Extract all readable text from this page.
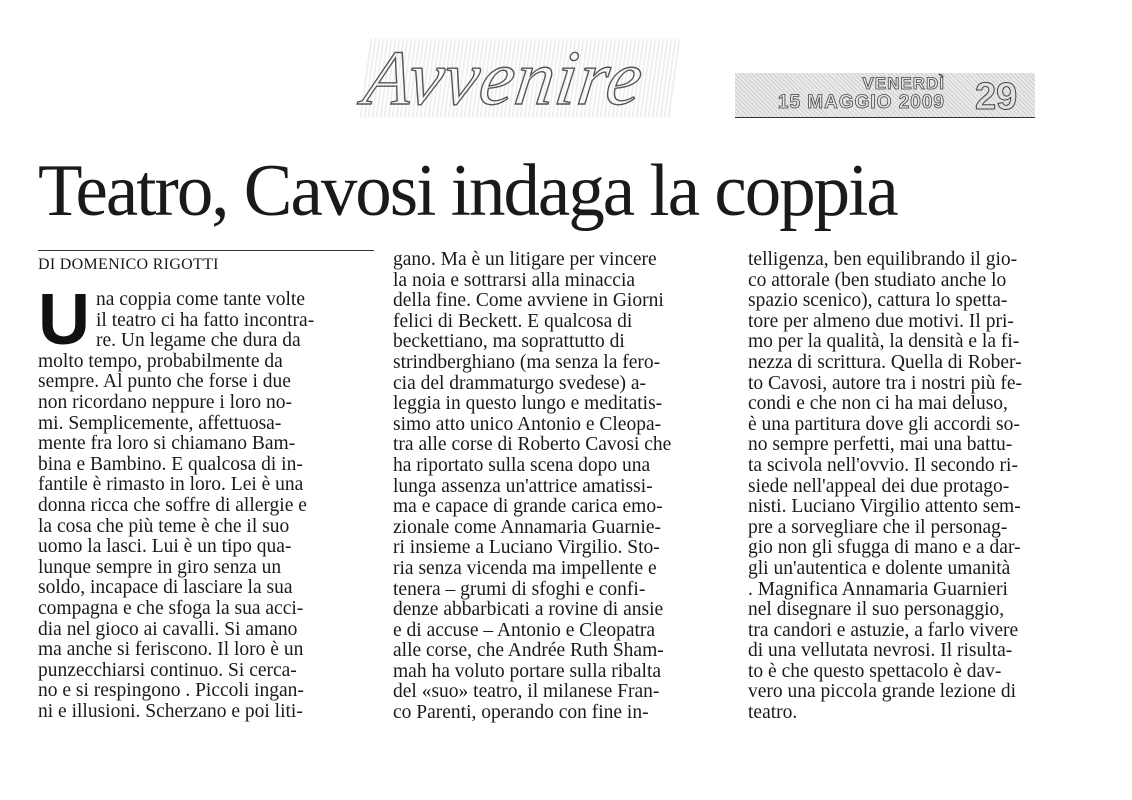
Avvenire	VENERDÌ
15 MAGGIO 2009 29
Teatro, Cavosi indaga la coppia
DI DOMENICO RIGOTTI
U na coppia come tante volte
il teatro ci ha fatto incontra-
re. Un legame che dura da
molto tempo, probabilmente da
sempre. Al punto che forse i due
non ricordano neppure i loro no-
mi. Semplicemente, affettuosa-
mente fra loro si chiamano Bam-
bina e Bambino. E qualcosa di in-
fantile è rimasto in loro. Lei è una
donna ricca che soffre di allergie e
la cosa che più teme è che il suo
uomo la lasci. Lui è un tipo qua-
lunque sempre in giro senza un
soldo, incapace di lasciare la sua
compagna e che sfoga la sua acci-
dia nel gioco ai cavalli. Si amano
ma anche si feriscono. Il loro è un
punzecchiarsi continuo. Si cerca-
no e si respingono . Piccoli ingan-
ni e illusioni. Scherzano e poi liti-
gano. Ma è un litigare per vincere
la noia e sottrarsi alla minaccia
della fine. Come avviene in Giorni
felici di Beckett. E qualcosa di
beckettiano, ma soprattutto di
strindberghiano (ma senza la fero-
cia del drammaturgo svedese) a-
leggia in questo lungo e meditatis-
simo atto unico Antonio e Cleopa-
tra alle corse di Roberto Cavosi che
ha riportato sulla scena dopo una
lunga assenza un'attrice amatissi-
ma e capace di grande carica emo-
zionale come Annamaria Guarnie-
ri insieme a Luciano Virgilio. Sto-
ria senza vicenda ma impellente e
tenera – grumi di sfoghi e confi-
denze abbarbicati a rovine di ansie
e di accuse – Antonio e Cleopatra
alle corse, che Andrée Ruth Sham-
mah ha voluto portare sulla ribalta
del «suo» teatro, il milanese Fran-
co Parenti, operando con fine in-
telligenza, ben equilibrando il gio-
co attorale (ben studiato anche lo
spazio scenico), cattura lo spetta-
tore per almeno due motivi. Il pri-
mo per la qualità, la densità e la fi-
nezza di scrittura. Quella di Rober-
to Cavosi, autore tra i nostri più fe-
condi e che non ci ha mai deluso,
è una partitura dove gli accordi so-
no sempre perfetti, mai una battu-
ta scivola nell'ovvio. Il secondo ri-
siede nell'appeal dei due protago-
nisti. Luciano Virgilio attento sem-
pre a sorvegliare che il personag-
gio non gli sfugga di mano e a dar-
gli un'autentica e dolente umanità
. Magnifica Annamaria Guarnieri
nel disegnare il suo personaggio,
tra candori e astuzie, a farlo vivere
di una vellutata nevrosi. Il risulta-
to è che questo spettacolo è dav-
vero una piccola grande lezione di
teatro.
